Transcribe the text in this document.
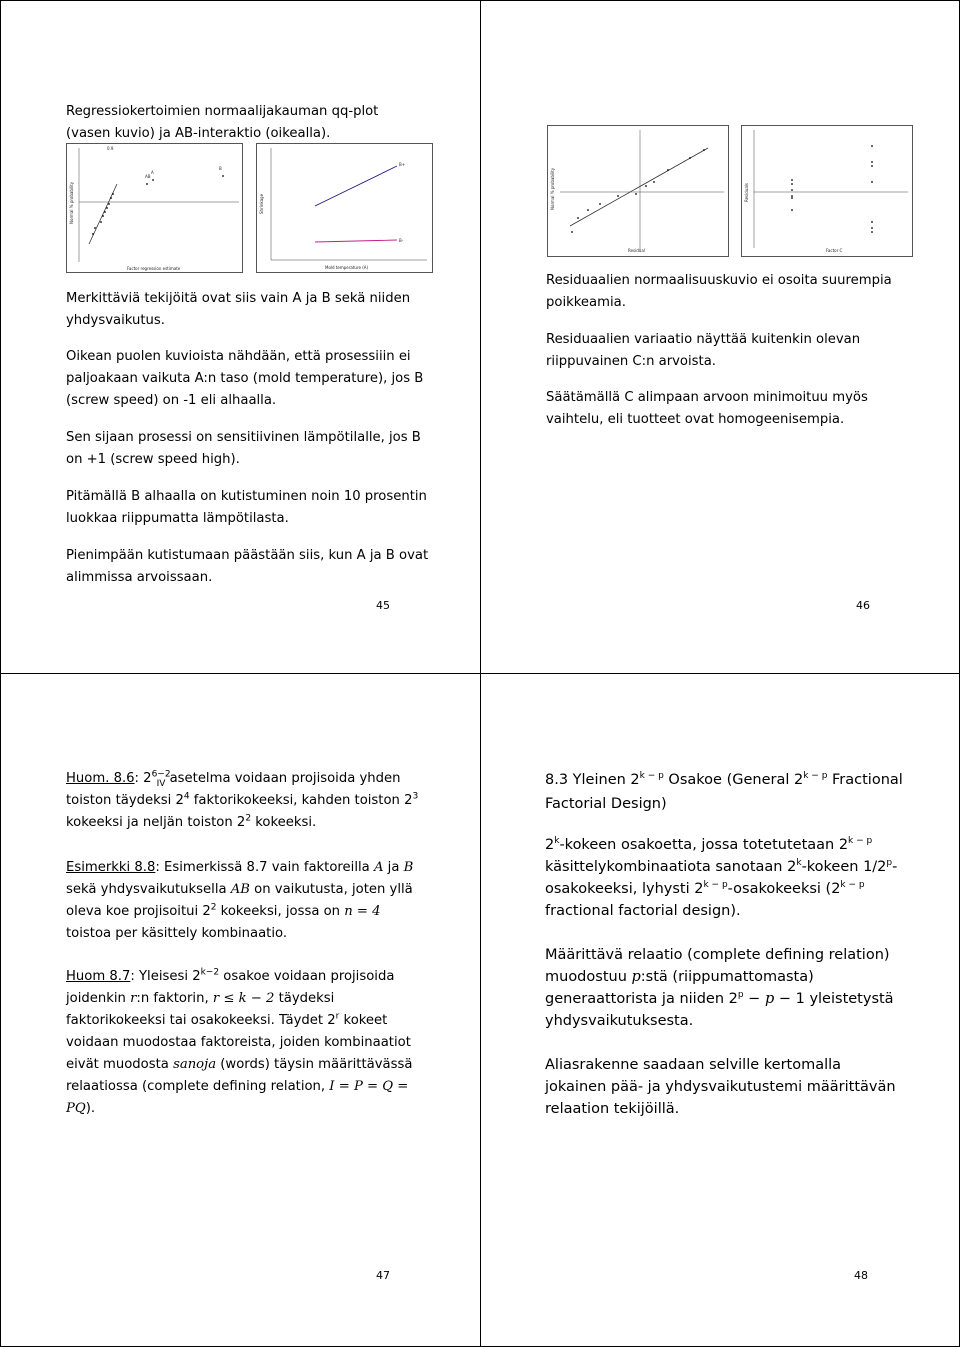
Regressiokertoimien normaalijakauman qq-plot (vasen kuvio) ja AB-interaktio (oikealla).

0.9
AB
B
A
Factor regression estimate
Normal % probability
B+
B-
Mold temperature (A)
Shrinkage

Merkittäviä tekijöitä ovat siis vain A ja B sekä niiden yhdysvaikutus.

Oikean puolen kuvioista nähdään, että prosessiiin ei paljoakaan vaikuta A:n taso (mold temperature), jos B (screw speed) on -1 eli alhaalla.

Sen sijaan prosessi on sensitiivinen lämpötilalle, jos B on +1 (screw speed high).

Pitämällä B alhaalla on kutistuminen noin 10 prosentin luokkaa riippumatta lämpötilasta.

Pienimpään kutistumaan päästään siis, kun A ja B ovat alimmissa arvoissaan.

45
Residual
Normal % probability
Factor C
Residuals

Residuaalien normaalisuuskuvio ei osoita suurempia poikkeamia.

Residuaalien variaatio näyttää kuitenkin olevan riippuvainen C:n arvoista.

Säätämällä C alimpaan arvoon minimoituu myös vaihtelu, eli tuotteet ovat homogeenisempia.

46

Huom. 8.6: $2^{6-2}_{IV}$ asetelma voidaan projisoida yhden toiston täydeksi $2^4$ faktorikokeeksi, kahden toiston $2^3$ kokeeksi ja neljän toiston $2^2$ kokeeksi.

Esimerkki 8.8: Esimerkissä 8.7 vain faktoreilla A ja B sekä yhdysvaikutuksella AB on vaikutusta, joten yllä oleva koe projisoitui $2^2$ kokeeksi, jossa on n = 4 toistoa per käsittely kombinaatio.

Huom 8.7: Yleisesi $2^{k-2}$ osakoe voidaan projisoida joidenkin r:n faktorin, r ≤ k − 2 täydeksi faktorikokeeksi tai osakokeeksi. Täydet 2$^r$ kokeet voidaan muodostaa faktoreista, joiden kombinaatiot eivät muodosta sanoja (words) täysin määrittävässä relaatiossa (complete defining relation, I = P = Q = PQ).

47

8.3 Yleinen $2^{k - p}$ Osakoe (General $2^{k - p}$ Fractional Factorial Design)

2$^k$-kokeen osakoetta, jossa totetutetaan $2^{k - p}$ käsittelykombinaatiota sanotaan 2$^k$-kokeen 1/2$^p$-osakokeeksi, lyhysti $2^{k - p}$-osakokeeksi ($2^{k - p}$ fractional factorial design).

Määrittävä relaatio (complete defining relation) muodostuu p:stä (riippumattomasta) generaattorista ja niiden $2^p - p - 1$ yleistetystä yhdysvaikutuksesta.

Aliasrakenne saadaan selville kertomalla jokainen pää- ja yhdysvaikutustemi määrittävän relaation tekijöillä.

48
